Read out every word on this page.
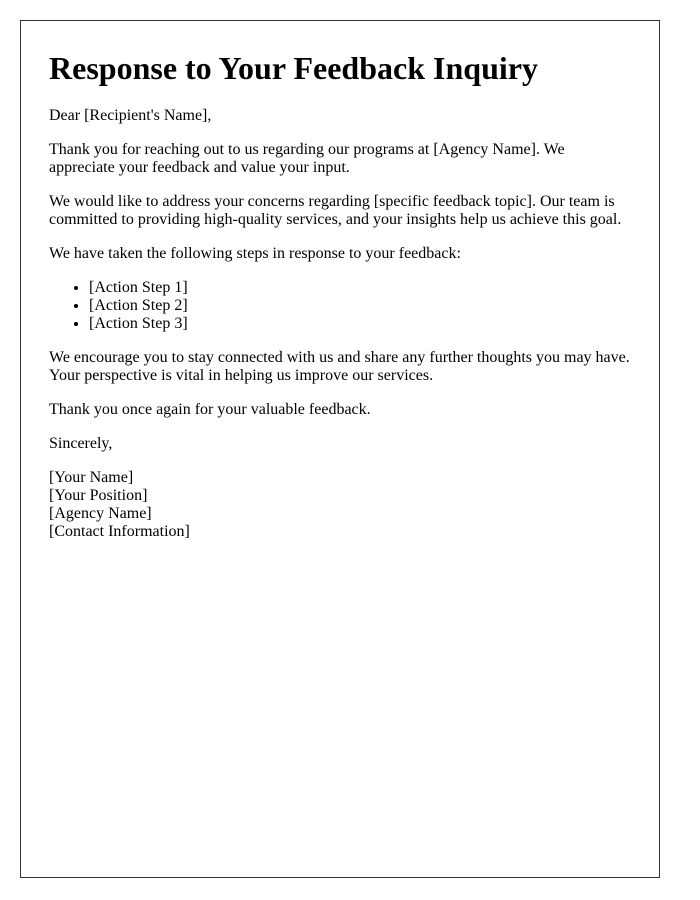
Response to Your Feedback Inquiry

Dear [Recipient's Name],

Thank you for reaching out to us regarding our programs at [Agency Name]. We appreciate your feedback and value your input.

We would like to address your concerns regarding [specific feedback topic]. Our team is committed to providing high-quality services, and your insights help us achieve this goal.

We have taken the following steps in response to your feedback:

• [Action Step 1]
• [Action Step 2]
• [Action Step 3]

We encourage you to stay connected with us and share any further thoughts you may have. Your perspective is vital in helping us improve our services.

Thank you once again for your valuable feedback.

Sincerely,

[Your Name]
[Your Position]
[Agency Name]
[Contact Information]
